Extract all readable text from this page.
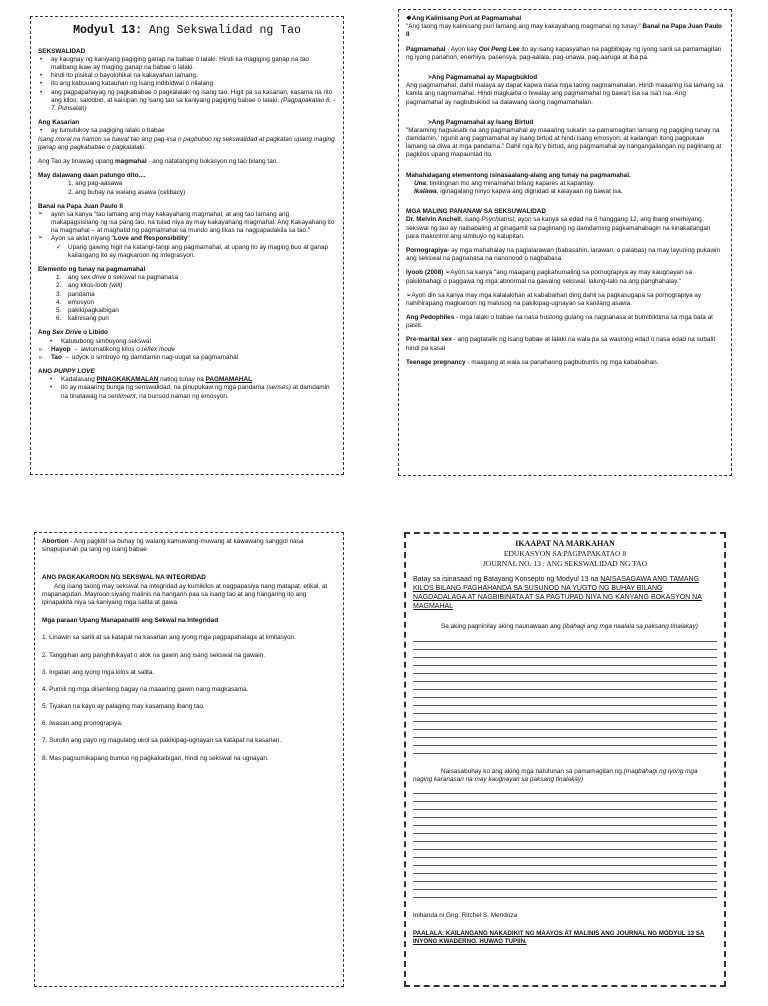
Modyul 13: Ang Sekswalidad ng Tao
SEKSWALIDAD
• ay kaugnay ng kaniyang pagiging ganap na babae o lalaki. Hindi ka magiging ganap na tao malibang ikaw ay maging ganap na babae o lalaki.
• hindi ito pisikal o bayolohikal na kakayahan lamang.
• ito ang kabuuang katauhan ng isang indibidwal o nilalang
• ang pagpapahayag ng pagkababae o pagkalalaki ng isang tao. Higit pa sa kasarian, kasama na rito ang kilos, saloobin, at kaisipan ng isang tao sa kaniyang pagiging babae o lalaki. (Pagpapakatao 8, -T. Punsalan)
Ang Kasarian
• ay tumutukoy sa pagiging lalaki o babae
Isang moral na hamon sa bawat tao ang pag-iisa o pagbubuo ng sekswalidad at pagkatao upang maging ganap ang pagkababae o pagkalalaki.
Ang Tao ay tinawag upang magmahal - ang natatanging bokasyon ng tao bilang tao.
May dalawang daan patungo dito....
1. ang pag-aasawa
2. ang buhay na walang asawa (celibacy)
Banal na Papa Juan Paulo II
➢ ayon sa kanya "tao lamang ang may kakayahang magmahal, at ang tao lamang ang makapagsisilang ng isa pang tao, na tulad niya ay may kakayahang magmahal. Ang Kakayahang ito na magmahal – at maghatid ng pagmamahal sa mundo ang likas na nagpapadakila sa tao."
➢ Ayon sa aklat niyang "Love and Responsibility"
✓ Upang gawing higit na katangi-tangi ang pagmamahal, at upang ito ay maging buo at ganap kailangang ito ay magkaroon ng integrasyon.
Elemento ng tunay na pagmamahal
1. ang sex drive o sekswal na pagnanasa
2. ang kilos-loob (will)
3. pandama
4. emosyon
5. pakikipagkaibigan
6. kalinisang puri
Ang Sex Drive o Libido
• Katutubong simbuyong sekswal
o Hayop → awtomatikong kilos o reflex mode
o Tao → udyok o simbuyo ng damdamin nag-uugat sa pagmamahal
ANG PUPPY LOVE
• Kadalasang PINAGKAKAMALAN nating tunay na PAGMAMAHAL.
• ito ay maaaring bunga ng senswalidad, na pinupukaw ng mga pandama (senses) at damdamin na tinatawag na sentiment, na bunsod naman ng emosyon.
❖Ang Kalinisang Puri at Pagmamahal

"Ang taong may kalinisang puri lamang ang may kakayahang magmahal ng tunay." Banal na Papa Juan Paulo II

Pagmamahal - Ayon kay Ooi Peng Lee ito ay isang kapasyahan na pagbibigay ng iyong sarili sa pamamagitan ng iyong panahon, enerhiya, pasensya, pag-aalala, pag-unawa, pag-aaruga at iba pa.

>Ang Pagmamahal ay Mapagbuklod

Ang pagmamahal, dahil malaya ay dapat kapwa nasa mga taong nagmamahalan. Hindi maaaring isa lamang sa kanila ang nagmamahal. Hindi magkaiba o hiwalay ang pagmamahal ng bawa't isa sa isa't isa. Ang pagmamahal ay nagbubuklod sa dalawang taong nagmamahalan.

>Ang Pagmamahal ay Isang Birtud

"Maraming nagsasabi na ang pagmamahal ay maaaring sukatin sa pamamagitan lamang ng pagiging tunay na damdamin,' ngunit ang pagmamahal ay isang birtud at hindi isang emosyon; at kailangan itong pagpukaw lamang sa diwa at mga pandama." Dahil nga ito'y birtud, ang pagmamahal ay nangangailangan ng paglinang at pagkilos upang mapaunlad ito.

Mahahalagang elementong isinasaalang-alang ang tunay na pagmamahal.

Una, tinitingnan mo ang minamahal bilang kapares at kapantay.

Ikalawa, iginagalang ninyo kapwa ang dignidad at kalayaan ng bawat isa.

MGA MALING PANANAW SA SEKSUWALIDAD

Dr. Melvin Anchell, isang Psychiatrist, ayon sa kanya sa edad na 8 hanggang 12, ang ibang enerhiyang sekswal ng tao ay naibabaling at ginagamit sa paglinang ng damdaming pagkamahabagin na kinakailangan para makontrol ang simbuyo ng kalupitan.

Pornograpiya- ay mga mahahalay na paglalarawan (babasahin, larawan, o palabas) na may layuning pukawin ang sekswal na pagnanasa na nanonood o nagbabasa.

Iyoob (2008) ➢Ayon sa kanya "ang maagang pagkahumaling sa pornograpiya ay may kaugnayan sa pakikibahagi o paggawa ng mga abnormal na gawaing sekswal, lalung-lalo na ang panghahalay."

➢Ayon din sa kanya may mga kalalakihan at kababaihan ding dahil sa pagkasugapa sa pornograpiya ay nahihirapang magkaroon ng malusog na pakikipag-ugnayan sa kanilang asawa.

Ang Pedophiles - mga lalaki o babae na nasa hustong gulang na nagnanasa at bumibiktima sa mga bata at paslit.

Pre-marital sex - ang pagtatalik ng isang babae at lalaki na wala pa sa wastong edad o nasa edad na subalit hindi pa kasal

Teenage pregnancy - maagang at wala sa panahaong pagbubuntis ng mga kababaihan.

Abortion - Ang pagkitil sa buhay ng walang kamuwang-muwang at kawawang sanggol nasa sinapupunan pa lang ng isang babae

ANG PAGKAKAROON NG SEKSWAL NA INTEGRIDAD

Ang isang taong may sekswal na integridad ay kumikilos at nagpapasiya nang matapat, etikal, at mapanagutan. Mayroon siyang malinis na hangarin paa sa isang tao at ang hangaring ito ang ipinapakita niya sa kaniyang mga salita at gawa.

Mga paraan Upang Manapanatili ang Sekwal na Integridad

1. Linawin sa sarili at sa katapat na kasarian ang iyong mga pagpapahalaga at limitasyon.

2. Tanggihan ang panghihikayat o alok na gawin ang isang sekswal na gawain.

3. Ingatan ang iyong mga kilos at salita.

4. Pumili ng mga disenteng bagay na maaaring gawin nang magkasama.

5. Tiyakan na kayo ay palaging may kasamang ibang tao.

6. Iwasan ang pronograpiya.

7. Sundin ang payo ng magulang ukol sa pakikipag-ugnayan sa katapat na kasarian.

8. Mas pagsumikapang bumuo ng pagkakaibigan, hindi ng sekswal na ugnayan.

IKAAPAT NA MARKAHAN
EDUKASYON SA PAGPAPAKATAO 8
JOURNAL NO. 13 : ANG SEKSWALIDAD NG TAO

Batay sa isinasaad ng Batayang Konsepto ng Modyul 13 na NAISASAGAWA ANG TAMANG KILOS BILANG PAGHAHANDA SA SUSUNOD NA YUGTO NG BUHAY BILANG NAGDADALAGA AT NAGBIBINATA AT SA PAGTUPAD NIYA NG KANYANG BOKASYON NA MAGMAHAL

Sa aking pagninilay aking naunawaan ang (ibahagi ang mga naalala sa paksang tinalakay)

Naisasabuhay ko ang aking mga natutunan sa pamamagitan ng (magbahagi ng iyong mga naging karanasan na may kaugnayan sa paksang tinalakay)

Inihanda ni Gng. Ritchel S. Mendoza

PAALALA: KAILANGANG NAKADIKIT NG MAAYOS AT MALINIS ANG JOURNAL NG MODYUL 13 SA INYONG KWADERNO. HUWAG TUPIIN.
